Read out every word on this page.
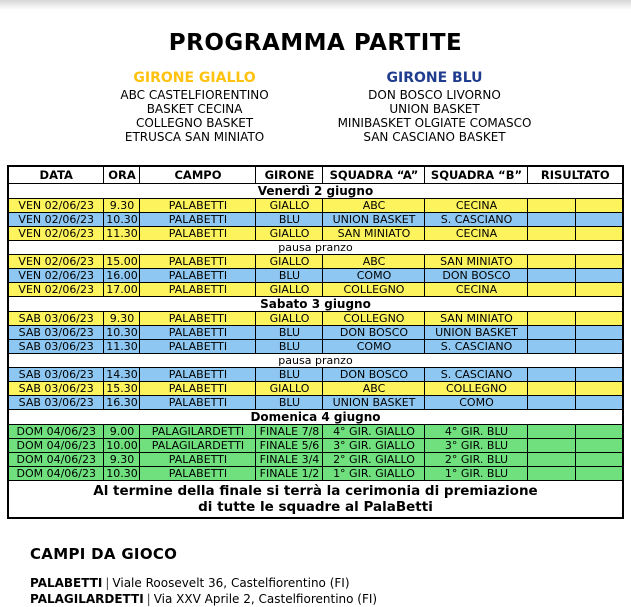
PROGRAMMA PARTITE
GIRONE GIALLO
ABC CASTELFIORENTINO
BASKET CECINA
COLLEGNO BASKET
ETRUSCA SAN MINIATO
GIRONE BLU
DON BOSCO LIVORNO
UNION BASKET
MINIBASKET OLGIATE COMASCO
SAN CASCIANO BASKET
DATA	ORA	CAMPO	GIRONE	SQUADRA “A”	SQUADRA “B”	RISULTATO	
Venerdì 2 giugno							
VEN 02/06/23	9.30	PALABETTI	GIALLO	ABC	CECINA		
VEN 02/06/23	10.30	PALABETTI	BLU	UNION BASKET	S. CASCIANO		
VEN 02/06/23	11.30	PALABETTI	GIALLO	SAN MINIATO	CECINA		
pausa pranzo							
VEN 02/06/23	15.00	PALABETTI	GIALLO	ABC	SAN MINIATO		
VEN 02/06/23	16.00	PALABETTI	BLU	COMO	DON BOSCO		
VEN 02/06/23	17.00	PALABETTI	GIALLO	COLLEGNO	CECINA		
Sabato 3 giugno							
SAB 03/06/23	9.30	PALABETTI	GIALLO	COLLEGNO	SAN MINIATO		
SAB 03/06/23	10.30	PALABETTI	BLU	DON BOSCO	UNION BASKET		
SAB 03/06/23	11.30	PALABETTI	BLU	COMO	S. CASCIANO		
pausa pranzo							
SAB 03/06/23	14.30	PALABETTI	BLU	DON BOSCO	S. CASCIANO		
SAB 03/06/23	15.30	PALABETTI	GIALLO	ABC	COLLEGNO		
SAB 03/06/23	16.30	PALABETTI	BLU	UNION BASKET	COMO		
Domenica 4 giugno							
DOM 04/06/23	9.00	PALAGILARDETTI	FINALE 7/8	4° GIR. GIALLO	4° GIR. BLU		
DOM 04/06/23	10.00	PALAGILARDETTI	FINALE 5/6	3° GIR. GIALLO	3° GIR. BLU		
DOM 04/06/23	9.30	PALABETTI	FINALE 3/4	2° GIR. GIALLO	2° GIR. BLU		
DOM 04/06/23	10.30	PALABETTI	FINALE 1/2	1° GIR. GIALLO	1° GIR. BLU		

Al termine della finale si terrà la cerimonia di premiazione
di tutte le squadre al PalaBetti							
CAMPI DA GIOCO
PALABETTI | Viale Roosevelt 36, Castelfiorentino (FI)
PALAGILARDETTI | Via XXV Aprile 2, Castelfiorentino (FI)
